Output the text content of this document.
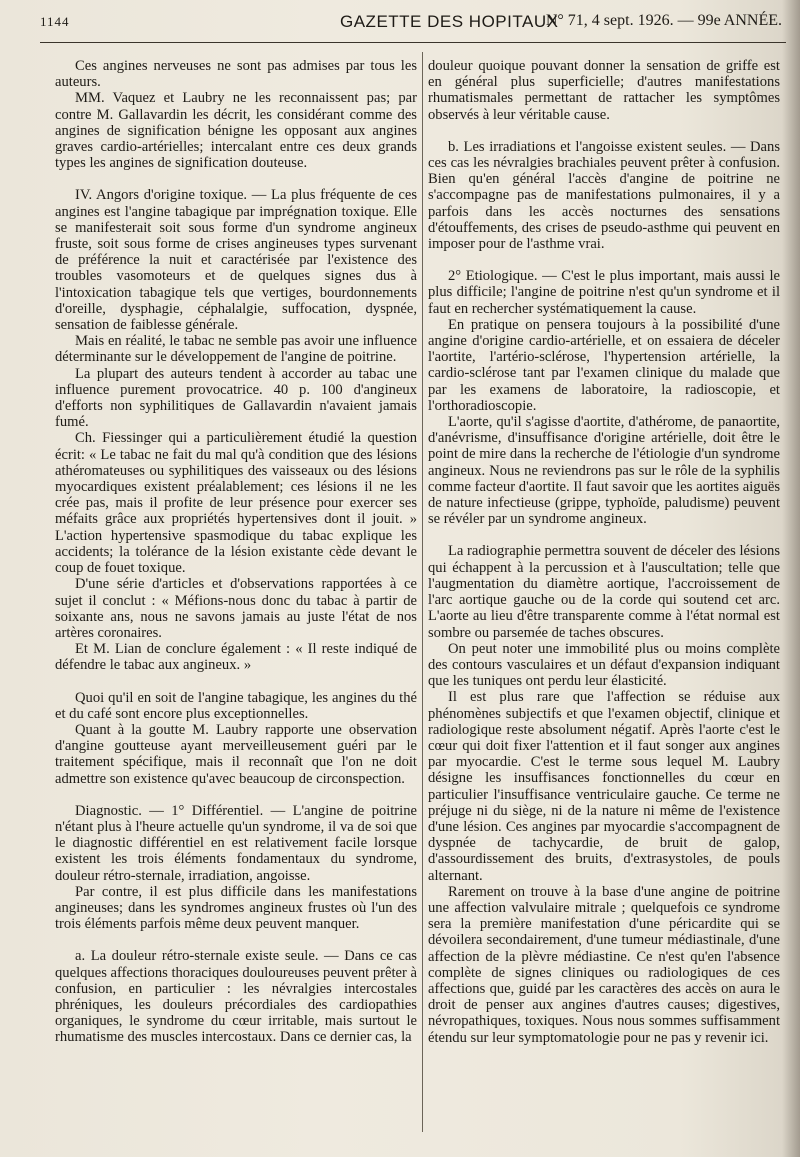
1144	GAZETTE DES HOPITAUX
N° 71, 4 sept. 1926. — 99e ANNÉE.

Ces angines nerveuses ne sont pas admises par tous les auteurs.

MM. Vaquez et Laubry ne les reconnaissent pas; par contre M. Gallavardin les décrit, les considérant comme des angines de signification bénigne les opposant aux angines graves cardio-artérielles; intercalant entre ces deux grands types les angines de signification douteuse.

IV. Angors d'origine toxique. — La plus fréquente de ces angines est l'angine tabagique par imprégnation toxique. Elle se manifesterait soit sous forme d'un syndrome angineux fruste, soit sous forme de crises angineuses types survenant de préférence la nuit et caractérisée par l'existence des troubles vasomoteurs et de quelques signes dus à l'intoxication tabagique tels que vertiges, bourdonnements d'oreille, dysphagie, céphalalgie, suffocation, dyspnée, sensation de faiblesse générale.

Mais en réalité, le tabac ne semble pas avoir une influence déterminante sur le développement de l'angine de poitrine.

La plupart des auteurs tendent à accorder au tabac une influence purement provocatrice. 40 p. 100 d'angineux d'efforts non syphilitiques de Gallavardin n'avaient jamais fumé.

Ch. Fiessinger qui a particulièrement étudié la question écrit: « Le tabac ne fait du mal qu'à condition que des lésions athéromateuses ou syphilitiques des vaisseaux ou des lésions myocardiques existent préalablement; ces lésions il ne les crée pas, mais il profite de leur présence pour exercer ses méfaits grâce aux propriétés hypertensives dont il jouit. » L'action hypertensive spasmodique du tabac explique les accidents; la tolérance de la lésion existante cède devant le coup de fouet toxique.

D'une série d'articles et d'observations rapportées à ce sujet il conclut : « Méfions-nous donc du tabac à partir de soixante ans, nous ne savons jamais au juste l'état de nos artères coronaires.

Et M. Lian de conclure également : « Il reste indiqué de défendre le tabac aux angineux. »

Quoi qu'il en soit de l'angine tabagique, les angines du thé et du café sont encore plus exceptionnelles.

Quant à la goutte M. Laubry rapporte une observation d'angine goutteuse ayant merveilleusement guéri par le traitement spécifique, mais il reconnaît que l'on ne doit admettre son existence qu'avec beaucoup de circonspection.

Diagnostic. — 1° Différentiel. — L'angine de poitrine n'étant plus à l'heure actuelle qu'un syndrome, il va de soi que le diagnostic différentiel en est relativement facile lorsque existent les trois éléments fondamentaux du syndrome, douleur rétro-sternale, irradiation, angoisse.

Par contre, il est plus difficile dans les manifestations angineuses; dans les syndromes angineux frustes où l'un des trois éléments parfois même deux peuvent manquer.

a. La douleur rétro-sternale existe seule. — Dans ce cas quelques affections thoraciques douloureuses peuvent prêter à confusion, en particulier : les névralgies intercostales phréniques, les douleurs précordiales des cardiopathies organiques, le syndrome du cœur irritable, mais surtout le rhumatisme des muscles intercostaux. Dans ce dernier cas, la

douleur quoique pouvant donner la sensation de griffe est en général plus superficielle; d'autres manifestations rhumatismales permettant de rattacher les symptômes observés à leur véritable cause.

b. Les irradiations et l'angoisse existent seules. — Dans ces cas les névralgies brachiales peuvent prêter à confusion. Bien qu'en général l'accès d'angine de poitrine ne s'accompagne pas de manifestations pulmonaires, il y a parfois dans les accès nocturnes des sensations d'étouffements, des crises de pseudo-asthme qui peuvent en imposer pour de l'asthme vrai.

2° Etiologique. — C'est le plus important, mais aussi le plus difficile; l'angine de poitrine n'est qu'un syndrome et il faut en rechercher systématiquement la cause.

En pratique on pensera toujours à la possibilité d'une angine d'origine cardio-artérielle, et on essaiera de déceler l'aortite, l'artério-sclérose, l'hypertension artérielle, la cardio-sclérose tant par l'examen clinique du malade que par les examens de laboratoire, la radioscopie, et l'orthoradioscopie.

L'aorte, qu'il s'agisse d'aortite, d'athérome, de panaortite, d'anévrisme, d'insuffisance d'origine artérielle, doit être le point de mire dans la recherche de l'étiologie d'un syndrome angineux. Nous ne reviendrons pas sur le rôle de la syphilis comme facteur d'aortite. Il faut savoir que les aortites aiguës de nature infectieuse (grippe, typhoïde, paludisme) peuvent se révéler par un syndrome angineux.

La radiographie permettra souvent de déceler des lésions qui échappent à la percussion et à l'auscultation; telle que l'augmentation du diamètre aortique, l'accroissement de l'arc aortique gauche ou de la corde qui soutend cet arc. L'aorte au lieu d'être transparente comme à l'état normal est sombre ou parsemée de taches obscures.

On peut noter une immobilité plus ou moins complète des contours vasculaires et un défaut d'expansion indiquant que les tuniques ont perdu leur élasticité.

Il est plus rare que l'affection se réduise aux phénomènes subjectifs et que l'examen objectif, clinique et radiologique reste absolument négatif. Après l'aorte c'est le cœur qui doit fixer l'attention et il faut songer aux angines par myocardie. C'est le terme sous lequel M. Laubry désigne les insuffisances fonctionnelles du cœur en particulier l'insuffisance ventriculaire gauche. Ce terme ne préjuge ni du siège, ni de la nature ni même de l'existence d'une lésion. Ces angines par myocardie s'accompagnent de dyspnée de tachycardie, de bruit de galop, d'assourdissement des bruits, d'extrasystoles, de pouls alternant.

Rarement on trouve à la base d'une angine de poitrine une affection valvulaire mitrale ; quelquefois ce syndrome sera la première manifestation d'une péricardite qui se dévoilera secondairement, d'une tumeur médiastinale, d'une affection de la plèvre médiastine. Ce n'est qu'en l'absence complète de signes cliniques ou radiologiques de ces affections que, guidé par les caractères des accès on aura le droit de penser aux angines d'autres causes; digestives, névropathiques, toxiques. Nous nous sommes suffisamment étendu sur leur symptomatologie pour ne pas y revenir ici.
